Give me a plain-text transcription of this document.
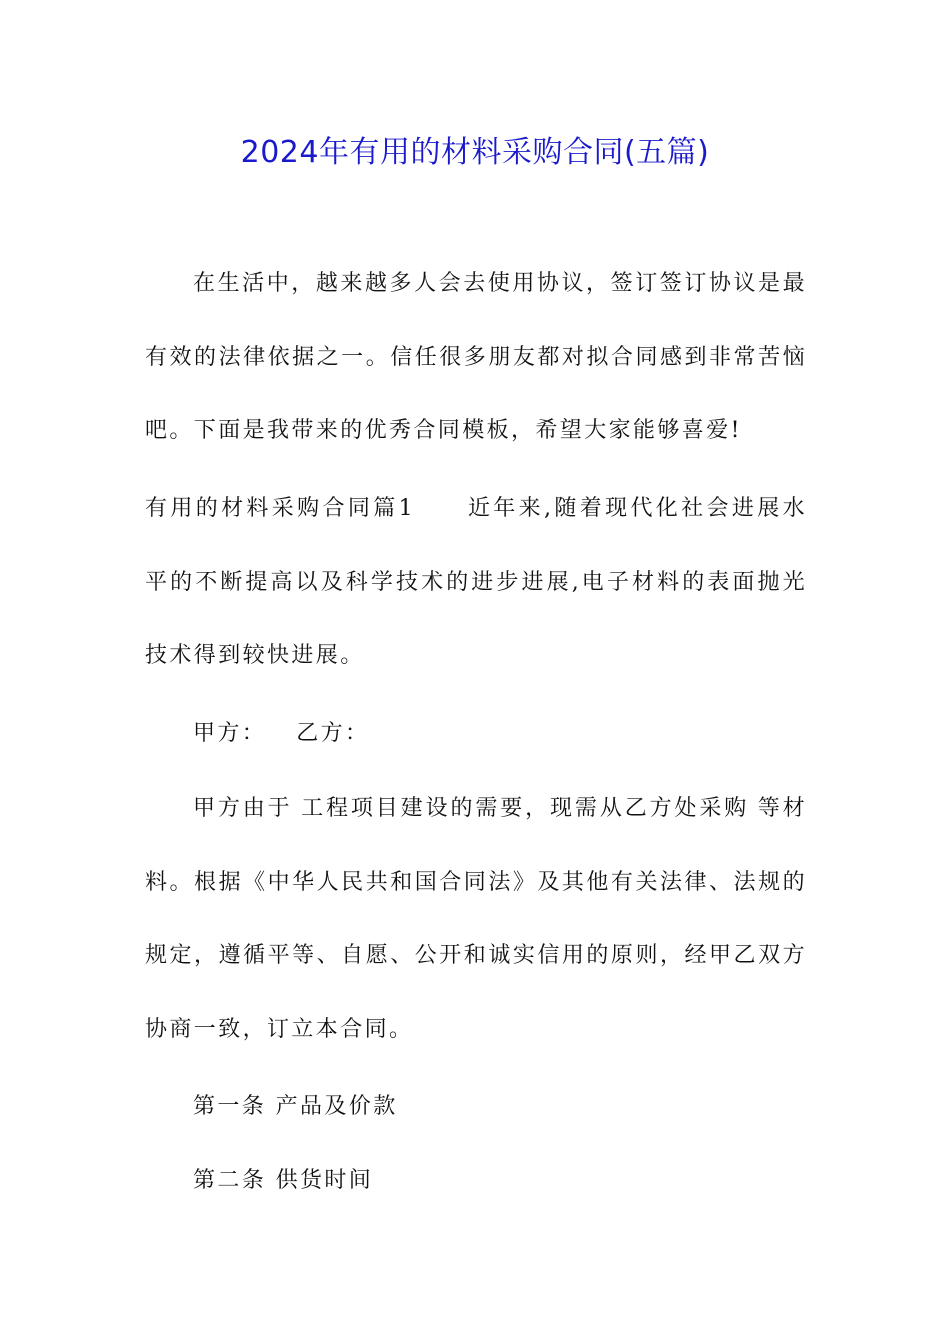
2024年有用的材料采购合同(五篇)

在生活中，越来越多人会去使用协议，签订签订协议是最有效的法律依据之一。信任很多朋友都对拟合同感到非常苦恼吧。下面是我带来的优秀合同模板，希望大家能够喜爱!

有用的材料采购合同篇1 近年来,随着现代化社会进展水平的不断提高以及科学技术的进步进展,电子材料的表面抛光技术得到较快进展。

甲方： 乙方：

甲方由于 工程项目建设的需要，现需从乙方处采购 等材料。根据《中华人民共和国合同法》及其他有关法律、法规的规定，遵循平等、自愿、公开和诚实信用的原则，经甲乙双方协商一致，订立本合同。

第一条 产品及价款

第二条 供货时间
